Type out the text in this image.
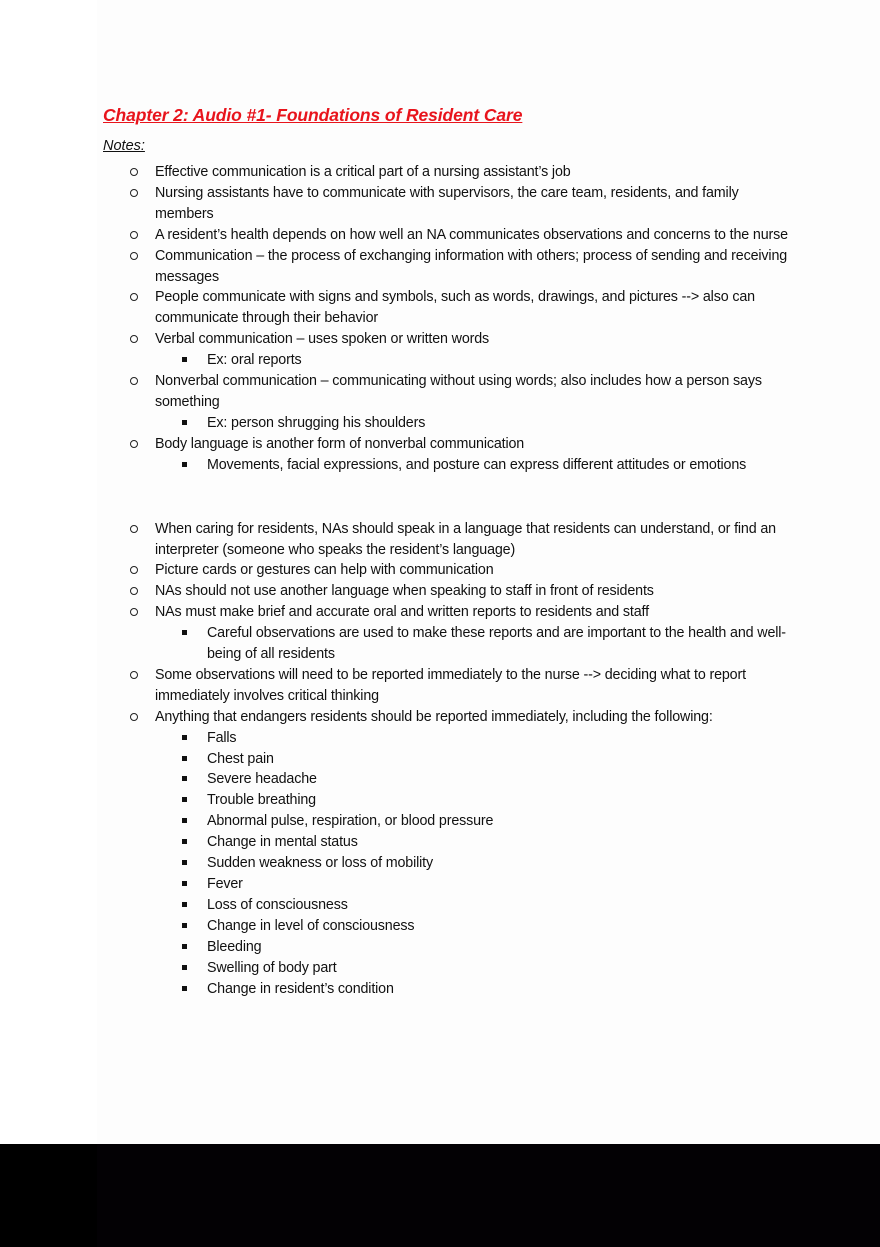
Chapter 2: Audio #1- Foundations of Resident Care
Notes:
Effective communication is a critical part of a nursing assistant’s job
Nursing assistants have to communicate with supervisors, the care team, residents, and family members
A resident’s health depends on how well an NA communicates observations and concerns to the nurse
Communication – the process of exchanging information with others; process of sending and receiving messages
People communicate with signs and symbols, such as words, drawings, and pictures --> also can communicate through their behavior
Verbal communication – uses spoken or written words
Ex: oral reports
Nonverbal communication – communicating without using words; also includes how a person says something
Ex: person shrugging his shoulders
Body language is another form of nonverbal communication
Movements, facial expressions, and posture can express different attitudes or emotions
When caring for residents, NAs should speak in a language that residents can understand, or find an interpreter (someone who speaks the resident’s language)
Picture cards or gestures can help with communication
NAs should not use another language when speaking to staff in front of residents
NAs must make brief and accurate oral and written reports to residents and staff
Careful observations are used to make these reports and are important to the health and well-being of all residents
Some observations will need to be reported immediately to the nurse --> deciding what to report immediately involves critical thinking
Anything that endangers residents should be reported immediately, including the following:
Falls
Chest pain
Severe headache
Trouble breathing
Abnormal pulse, respiration, or blood pressure
Change in mental status
Sudden weakness or loss of mobility
Fever
Loss of consciousness
Change in level of consciousness
Bleeding
Swelling of body part
Change in resident’s condition
